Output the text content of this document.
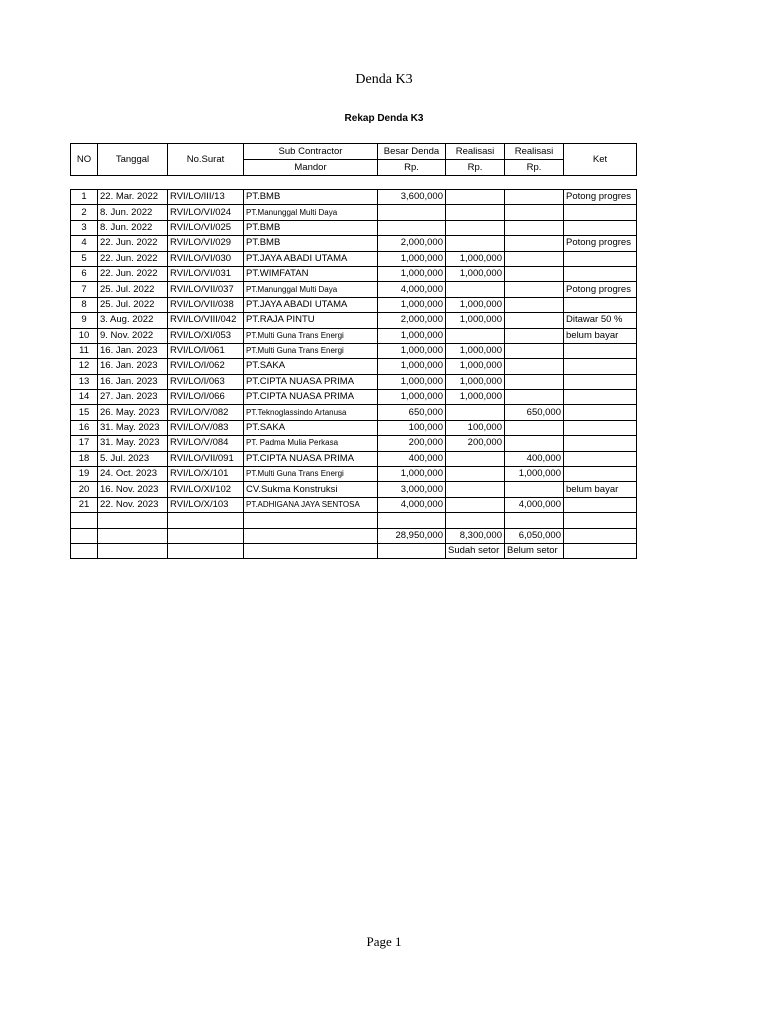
Denda K3
Rekap Denda K3
NO	Tanggal	No.Surat	Sub Contractor	Besar Denda	Realisasi	Realisasi	Ket
			Mandor	Rp.	Rp.	Rp.	
1	22. Mar. 2022	RVI/LO/III/13	PT.BMB	3,600,000			Potong progres
2	8. Jun. 2022	RVI/LO/VI/024	PT.Manunggal Multi Daya				
3	8. Jun. 2022	RVI/LO/VI/025	PT.BMB				
4	22. Jun. 2022	RVI/LO/VI/029	PT.BMB	2,000,000			Potong progres
5	22. Jun. 2022	RVI/LO/VI/030	PT.JAYA ABADI UTAMA	1,000,000	1,000,000		
6	22. Jun. 2022	RVI/LO/VI/031	PT.WIMFATAN	1,000,000	1,000,000		
7	25. Jul. 2022	RVI/LO/VII/037	PT.Manunggal Multi Daya	4,000,000			Potong progres
8	25. Jul. 2022	RVI/LO/VII/038	PT.JAYA ABADI UTAMA	1,000,000	1,000,000		
9	3. Aug. 2022	RVI/LO/VIII/042	PT.RAJA PINTU	2,000,000	1,000,000		Ditawar 50 %
10	9. Nov. 2022	RVI/LO/XI/053	PT.Multi Guna Trans Energi	1,000,000			belum bayar
11	16. Jan. 2023	RVI/LO/I/061	PT.Multi Guna Trans Energi	1,000,000	1,000,000		
12	16. Jan. 2023	RVI/LO/I/062	PT.SAKA	1,000,000	1,000,000		
13	16. Jan. 2023	RVI/LO/I/063	PT.CIPTA NUASA PRIMA	1,000,000	1,000,000		
14	27. Jan. 2023	RVI/LO/I/066	PT.CIPTA NUASA PRIMA	1,000,000	1,000,000		
15	26. May. 2023	RVI/LO/V/082	PT.Teknoglassindo Artanusa	650,000		650,000	
16	31. May. 2023	RVI/LO/V/083	PT.SAKA	100,000	100,000		
17	31. May. 2023	RVI/LO/V/084	PT. Padma Mulia Perkasa	200,000	200,000		
18	5. Jul. 2023	RVI/LO/VII/091	PT.CIPTA NUASA PRIMA	400,000		400,000	
19	24. Oct. 2023	RVI/LO/X/101	PT.Multi Guna Trans Energi	1,000,000		1,000,000	
20	16. Nov. 2023	RVI/LO/XI/102	CV.Sukma Konstruksi	3,000,000			belum bayar
21	22. Nov. 2023	RVI/LO/X/103	PT.ADHIGANA JAYA SENTOSA	4,000,000		4,000,000	

				28,950,000	8,300,000	6,050,000	
					Sudah setor	Belum setor	
Page 1
